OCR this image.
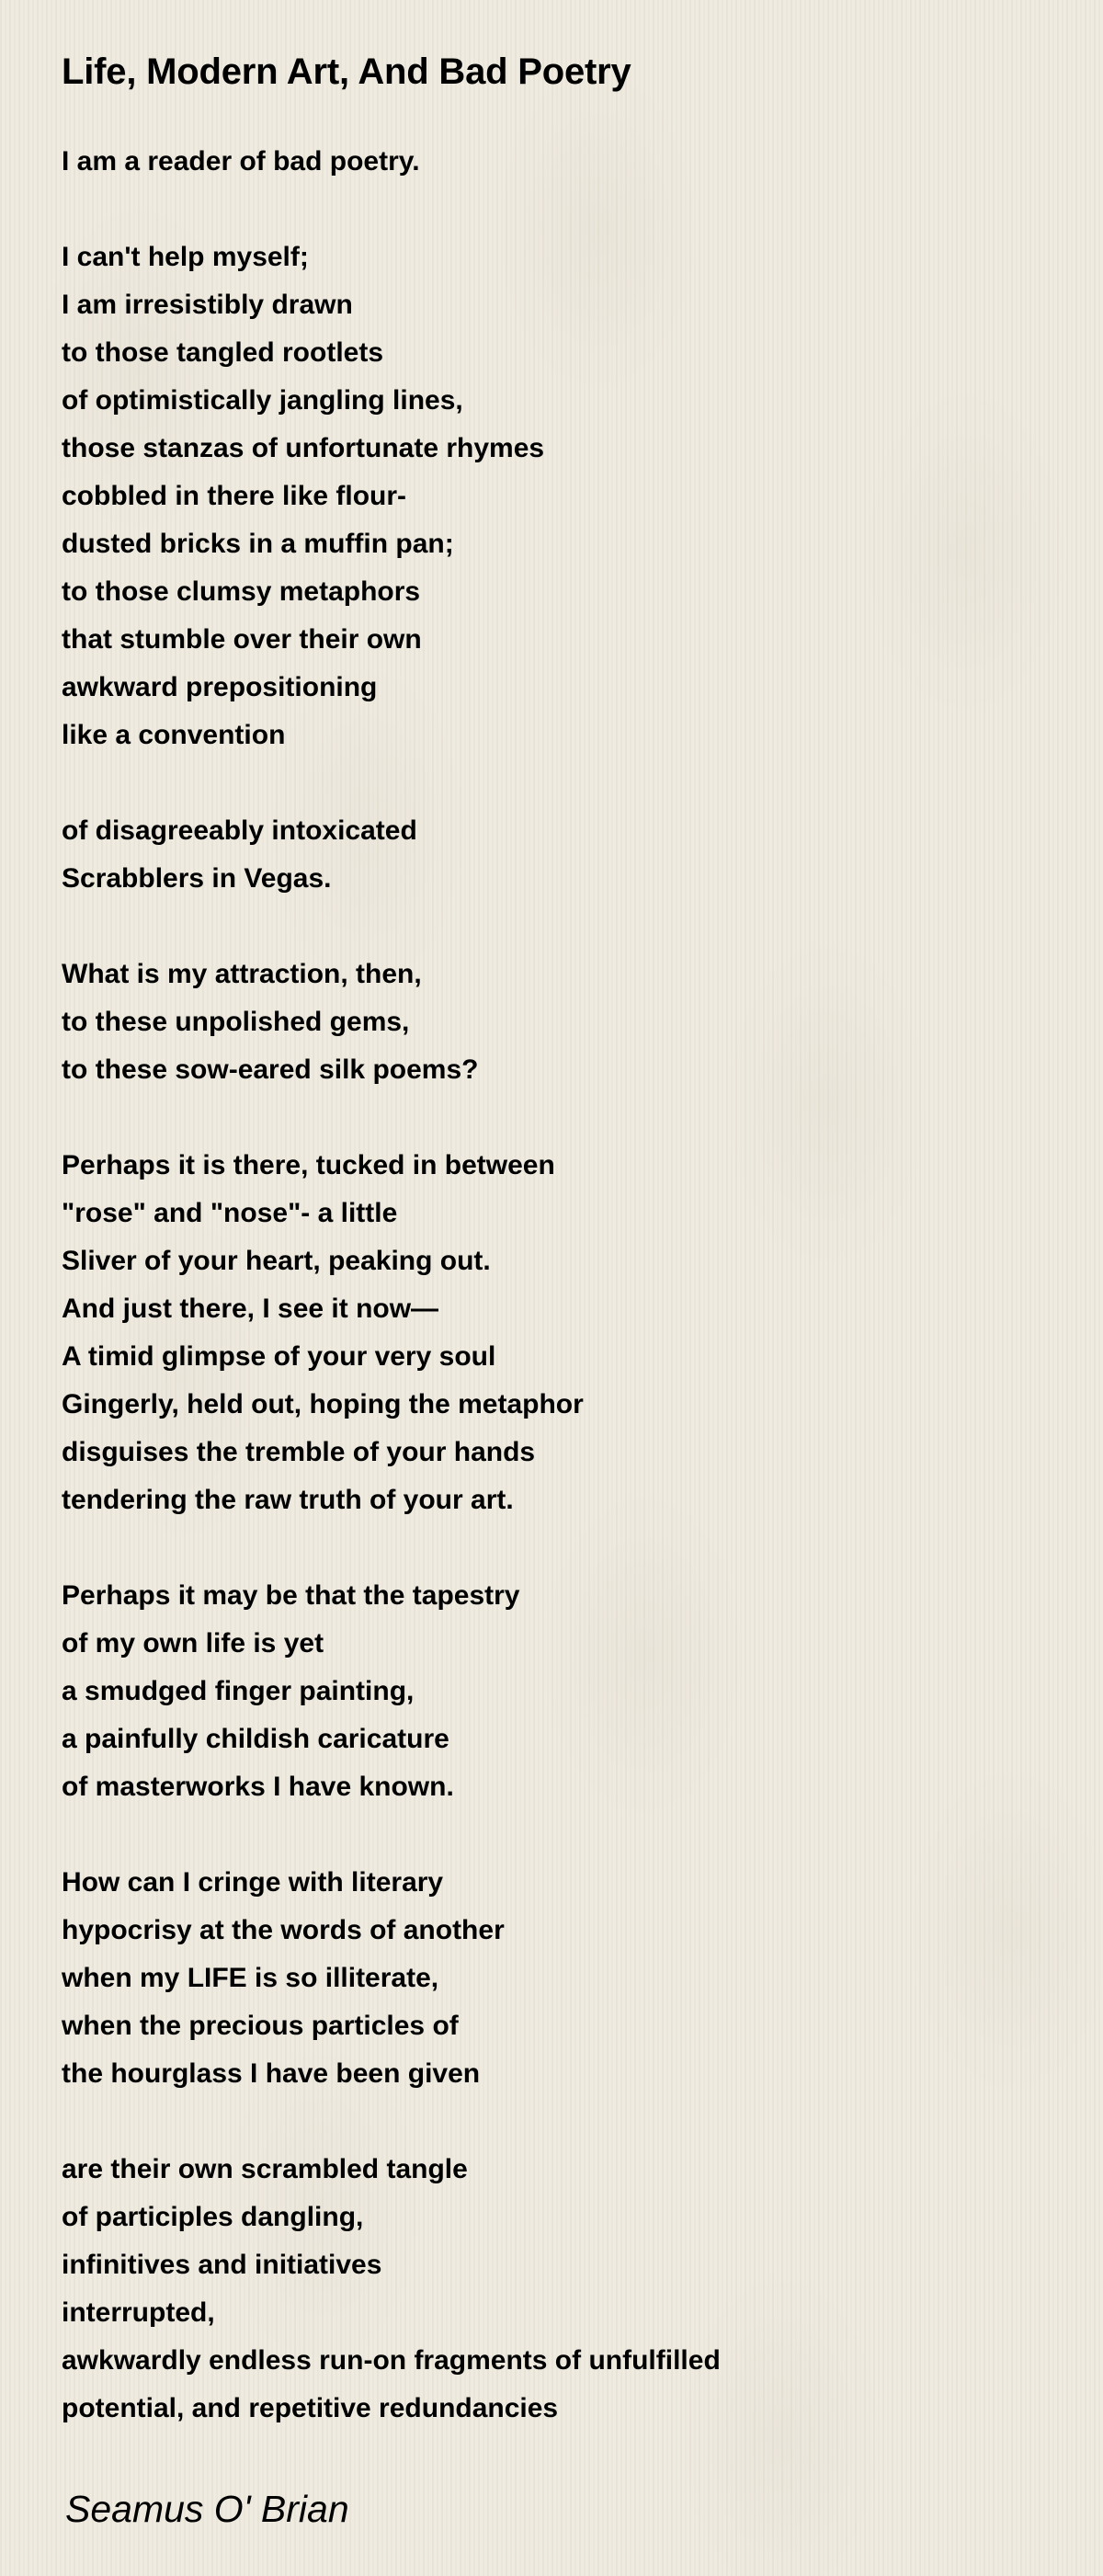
Life, Modern Art, And Bad Poetry
I am a reader of bad poetry.
I can't help myself;
I am irresistibly drawn
to those tangled rootlets
of optimistically jangling lines,
those stanzas of unfortunate rhymes
cobbled in there like flour-
dusted bricks in a muffin pan;
to those clumsy metaphors
that stumble over their own
awkward prepositioning
like a convention
of disagreeably intoxicated
Scrabblers in Vegas.
What is my attraction, then,
to these unpolished gems,
to these sow-eared silk poems?
Perhaps it is there, tucked in between
"rose" and "nose"- a little
Sliver of your heart, peaking out.
And just there, I see it now—
A timid glimpse of your very soul
Gingerly, held out, hoping the metaphor
disguises the tremble of your hands
tendering the raw truth of your art.
Perhaps it may be that the tapestry
of my own life is yet
a smudged finger painting,
a painfully childish caricature
of masterworks I have known.
How can I cringe with literary
hypocrisy at the words of another
when my LIFE is so illiterate,
when the precious particles of
the hourglass I have been given
are their own scrambled tangle
of participles dangling,
infinitives and initiatives
interrupted,
awkwardly endless run-on fragments of unfulfilled
potential, and repetitive redundancies

Seamus O' Brian
